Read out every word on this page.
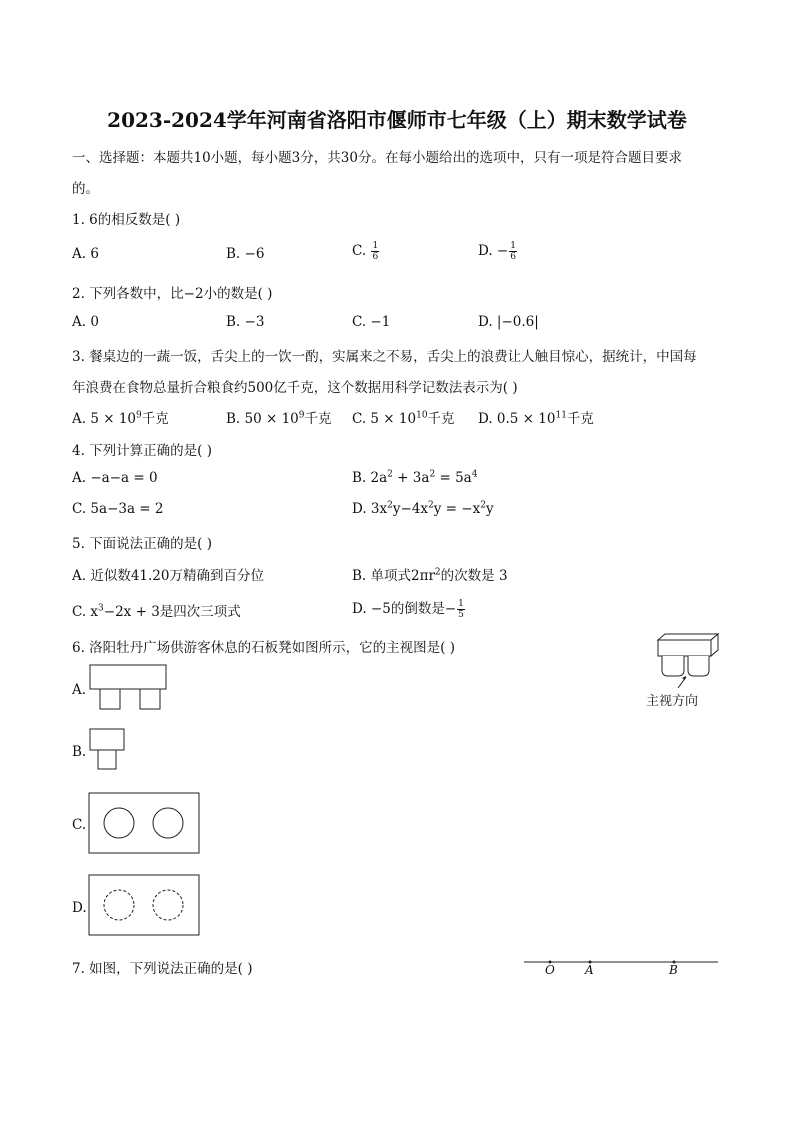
2023-2024学年河南省洛阳市偃师市七年级（上）期末数学试卷
一、选择题：本题共10小题，每小题3分，共30分。在每小题给出的选项中，只有一项是符合题目要求
的。
1. 6的相反数是( )
A. 6	B. −6	C. $\frac{1}{6}$	D. − $\frac{1}{6}$
2. 下列各数中，比−2小的数是( )
A. 0	B. −3	C. −1	D. |−0.6|
3. 餐桌边的一蔬一饭，舌尖上的一饮一酌，实属来之不易，舌尖上的浪费让人触目惊心，据统计，中国每
年浪费在食物总量折合粮食约500亿千克，这个数据用科学记数法表示为( )
A. $5 \times 10^9$千克	B. $50 \times 10^9$千克 C. $5 \times 10^{10}$千克 D. $0.5 \times 10^{11}$千克
4. 下列计算正确的是( )
A. −a−a = 0	B. $2a^2 + 3a^2 = 5a^4$
C. 5a−3a = 2	D. $3x^2y-4x^2y = -x^2y$
5. 下面说法正确的是( )
A. 近似数41.20万精确到百分位	B. 单项式$2\pi r^2$的次数是 3
C. $x^3-2x + 3$是四次三项式	D. −5的倒数是− $\frac{1}{5}$
6. 洛阳牡丹广场供游客休息的石板凳如图所示，它的主视图是( )
主视方向
A.
B.
C.
D.
7. 如图，下列说法正确的是( )	O	A	B
